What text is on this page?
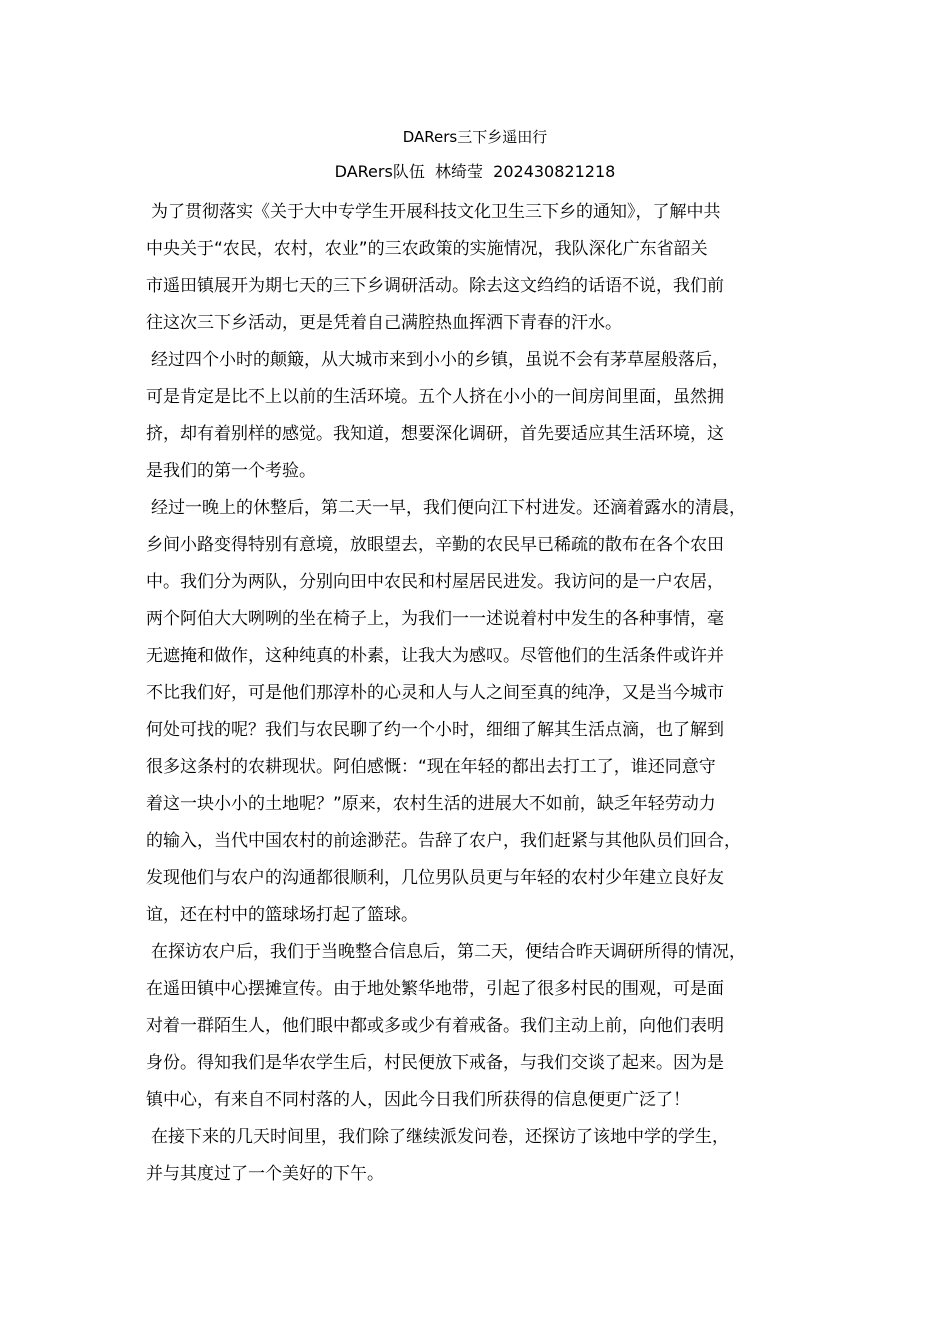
DARers三下乡遥田行
DARers队伍  林绮莹  202430821218
为了贯彻落实《关于大中专学生开展科技文化卫生三下乡的通知》，了解中共
中央关于“农民，农村，农业”的三农政策的实施情况，我队深化广东省韶关
市遥田镇展开为期七天的三下乡调研活动。除去这文绉绉的话语不说，我们前
往这次三下乡活动，更是凭着自己满腔热血挥洒下青春的汗水。
经过四个小时的颠簸，从大城市来到小小的乡镇，虽说不会有茅草屋般落后，
可是肯定是比不上以前的生活环境。五个人挤在小小的一间房间里面，虽然拥
挤，却有着别样的感觉。我知道，想要深化调研，首先要适应其生活环境，这
是我们的第一个考验。
经过一晚上的休整后，第二天一早，我们便向江下村进发。还滴着露水的清晨，
乡间小路变得特别有意境，放眼望去，辛勤的农民早已稀疏的散布在各个农田
中。我们分为两队，分别向田中农民和村屋居民进发。我访问的是一户农居，
两个阿伯大大咧咧的坐在椅子上，为我们一一述说着村中发生的各种事情，毫
无遮掩和做作，这种纯真的朴素，让我大为感叹。尽管他们的生活条件或许并
不比我们好，可是他们那淳朴的心灵和人与人之间至真的纯净，又是当今城市
何处可找的呢？我们与农民聊了约一个小时，细细了解其生活点滴，也了解到
很多这条村的农耕现状。阿伯感慨：“现在年轻的都出去打工了，谁还同意守
着这一块小小的土地呢？”原来，农村生活的进展大不如前，缺乏年轻劳动力
的输入，当代中国农村的前途渺茫。告辞了农户，我们赶紧与其他队员们回合，
发现他们与农户的沟通都很顺利，几位男队员更与年轻的农村少年建立良好友
谊，还在村中的篮球场打起了篮球。
在探访农户后，我们于当晚整合信息后，第二天，便结合昨天调研所得的情况，
在遥田镇中心摆摊宣传。由于地处繁华地带，引起了很多村民的围观，可是面
对着一群陌生人，他们眼中都或多或少有着戒备。我们主动上前，向他们表明
身份。得知我们是华农学生后，村民便放下戒备，与我们交谈了起来。因为是
镇中心，有来自不同村落的人，因此今日我们所获得的信息便更广泛了！
在接下来的几天时间里，我们除了继续派发问卷，还探访了该地中学的学生，
并与其度过了一个美好的下午。
